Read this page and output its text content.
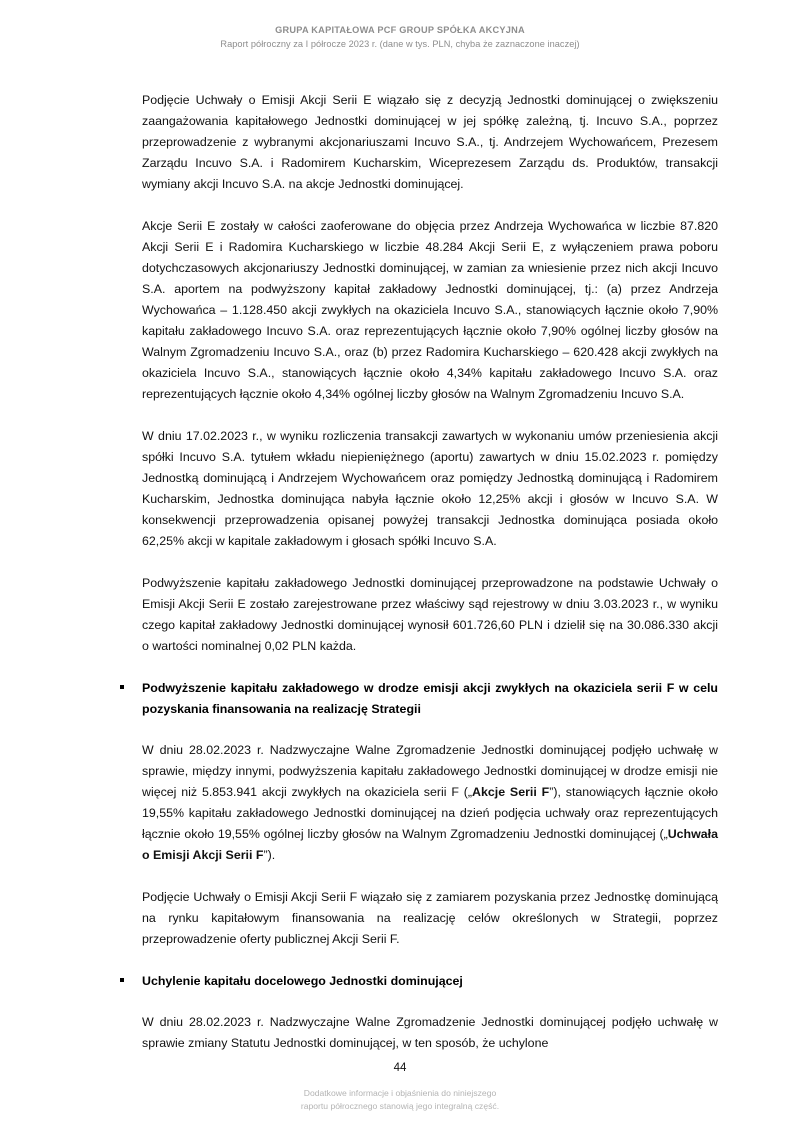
GRUPA KAPITAŁOWA PCF GROUP SPÓŁKA AKCYJNA
Raport półroczny za I półrocze 2023 r. (dane w tys. PLN, chyba że zaznaczone inaczej)

Podjęcie Uchwały o Emisji Akcji Serii E wiązało się z decyzją Jednostki dominującej o zwiększeniu zaangażowania kapitałowego Jednostki dominującej w jej spółkę zależną, tj. Incuvo S.A., poprzez przeprowadzenie z wybranymi akcjonariuszami Incuvo S.A., tj. Andrzejem Wychowańcem, Prezesem Zarządu Incuvo S.A. i Radomirem Kucharskim, Wiceprezesem Zarządu ds. Produktów, transakcji wymiany akcji Incuvo S.A. na akcje Jednostki dominującej.

Akcje Serii E zostały w całości zaoferowane do objęcia przez Andrzeja Wychowańca w liczbie 87.820 Akcji Serii E i Radomira Kucharskiego w liczbie 48.284 Akcji Serii E, z wyłączeniem prawa poboru dotychczasowych akcjonariuszy Jednostki dominującej, w zamian za wniesienie przez nich akcji Incuvo S.A. aportem na podwyższony kapitał zakładowy Jednostki dominującej, tj.: (a) przez Andrzeja Wychowańca – 1.128.450 akcji zwykłych na okaziciela Incuvo S.A., stanowiących łącznie około 7,90% kapitału zakładowego Incuvo S.A. oraz reprezentujących łącznie około 7,90% ogólnej liczby głosów na Walnym Zgromadzeniu Incuvo S.A., oraz (b) przez Radomira Kucharskiego – 620.428 akcji zwykłych na okaziciela Incuvo S.A., stanowiących łącznie około 4,34% kapitału zakładowego Incuvo S.A. oraz reprezentujących łącznie około 4,34% ogólnej liczby głosów na Walnym Zgromadzeniu Incuvo S.A.

W dniu 17.02.2023 r., w wyniku rozliczenia transakcji zawartych w wykonaniu umów przeniesienia akcji spółki Incuvo S.A. tytułem wkładu niepieniężnego (aportu) zawartych w dniu 15.02.2023 r. pomiędzy Jednostką dominującą i Andrzejem Wychowańcem oraz pomiędzy Jednostką dominującą i Radomirem Kucharskim, Jednostka dominująca nabyła łącznie około 12,25% akcji i głosów w Incuvo S.A. W konsekwencji przeprowadzenia opisanej powyżej transakcji Jednostka dominująca posiada około 62,25% akcji w kapitale zakładowym i głosach spółki Incuvo S.A.

Podwyższenie kapitału zakładowego Jednostki dominującej przeprowadzone na podstawie Uchwały o Emisji Akcji Serii E zostało zarejestrowane przez właściwy sąd rejestrowy w dniu 3.03.2023 r., w wyniku czego kapitał zakładowy Jednostki dominującej wynosił 601.726,60 PLN i dzielił się na 30.086.330 akcji o wartości nominalnej 0,02 PLN każda.

Podwyższenie kapitału zakładowego w drodze emisji akcji zwykłych na okaziciela serii F w celu pozyskania finansowania na realizację Strategii

W dniu 28.02.2023 r. Nadzwyczajne Walne Zgromadzenie Jednostki dominującej podjęło uchwałę w sprawie, między innymi, podwyższenia kapitału zakładowego Jednostki dominującej w drodze emisji nie więcej niż 5.853.941 akcji zwykłych na okaziciela serii F („Akcje Serii F”), stanowiących łącznie około 19,55% kapitału zakładowego Jednostki dominującej na dzień podjęcia uchwały oraz reprezentujących łącznie około 19,55% ogólnej liczby głosów na Walnym Zgromadzeniu Jednostki dominującej („Uchwała o Emisji Akcji Serii F”).

Podjęcie Uchwały o Emisji Akcji Serii F wiązało się z zamiarem pozyskania przez Jednostkę dominującą na rynku kapitałowym finansowania na realizację celów określonych w Strategii, poprzez przeprowadzenie oferty publicznej Akcji Serii F.

Uchylenie kapitału docelowego Jednostki dominującej

W dniu 28.02.2023 r. Nadzwyczajne Walne Zgromadzenie Jednostki dominującej podjęło uchwałę w sprawie zmiany Statutu Jednostki dominującej, w ten sposób, że uchylone

44
Dodatkowe informacje i objaśnienia do niniejszego
raportu półrocznego stanowią jego integralną część.
